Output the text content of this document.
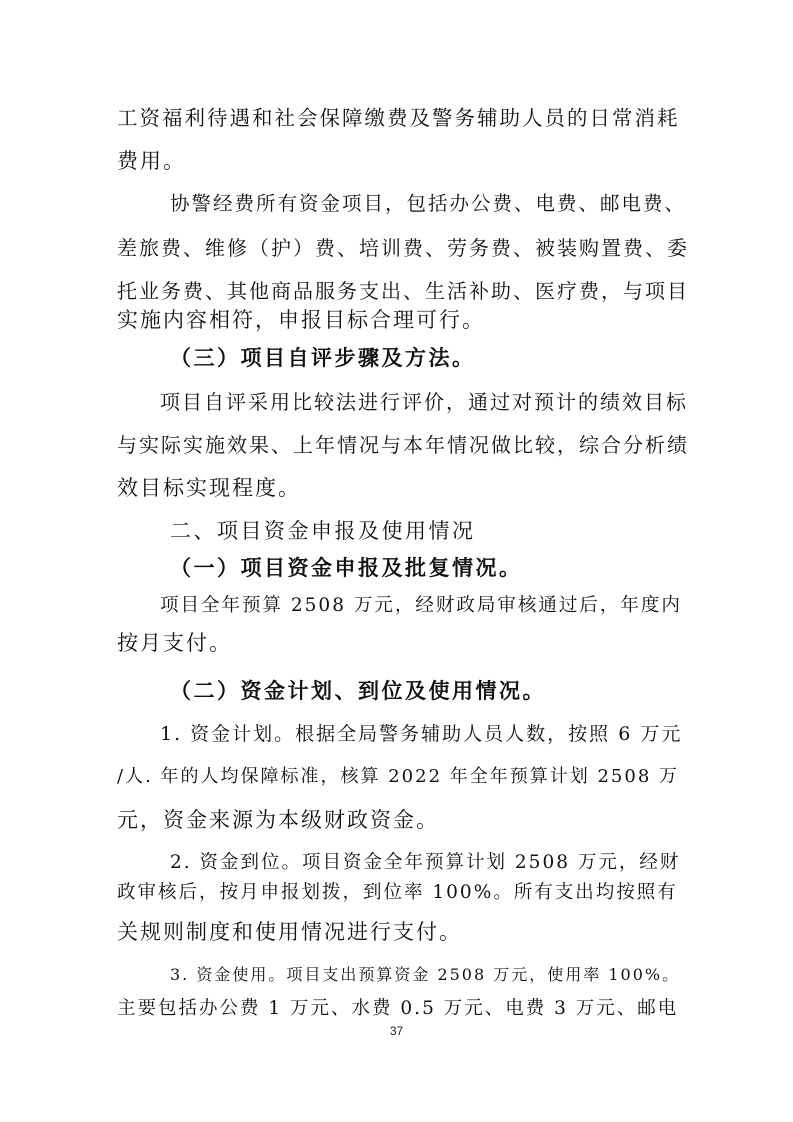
工资福利待遇和社会保障缴费及警务辅助人员的日常消耗
费用。
协警经费所有资金项目，包括办公费、电费、邮电费、
差旅费、维修（护）费、培训费、劳务费、被装购置费、委
托业务费、其他商品服务支出、生活补助、医疗费，与项目
实施内容相符，申报目标合理可行。
（三）项目自评步骤及方法。
项目自评采用比较法进行评价，通过对预计的绩效目标
与实际实施效果、上年情况与本年情况做比较，综合分析绩
效目标实现程度。
二、项目资金申报及使用情况
（一）项目资金申报及批复情况。
项目全年预算 2508 万元，经财政局审核通过后，年度内
按月支付。
（二）资金计划、到位及使用情况。
1. 资金计划。根据全局警务辅助人员人数，按照 6 万元
/人. 年的人均保障标准，核算 2022 年全年预算计划 2508 万
元，资金来源为本级财政资金。
2. 资金到位。项目资金全年预算计划 2508 万元，经财
政审核后，按月申报划拨，到位率 100%。所有支出均按照有
关规则制度和使用情况进行支付。
3. 资金使用。项目支出预算资金 2508 万元，使用率 100%。
主要包括办公费 1 万元、水费 0.5 万元、电费 3 万元、邮电
37
